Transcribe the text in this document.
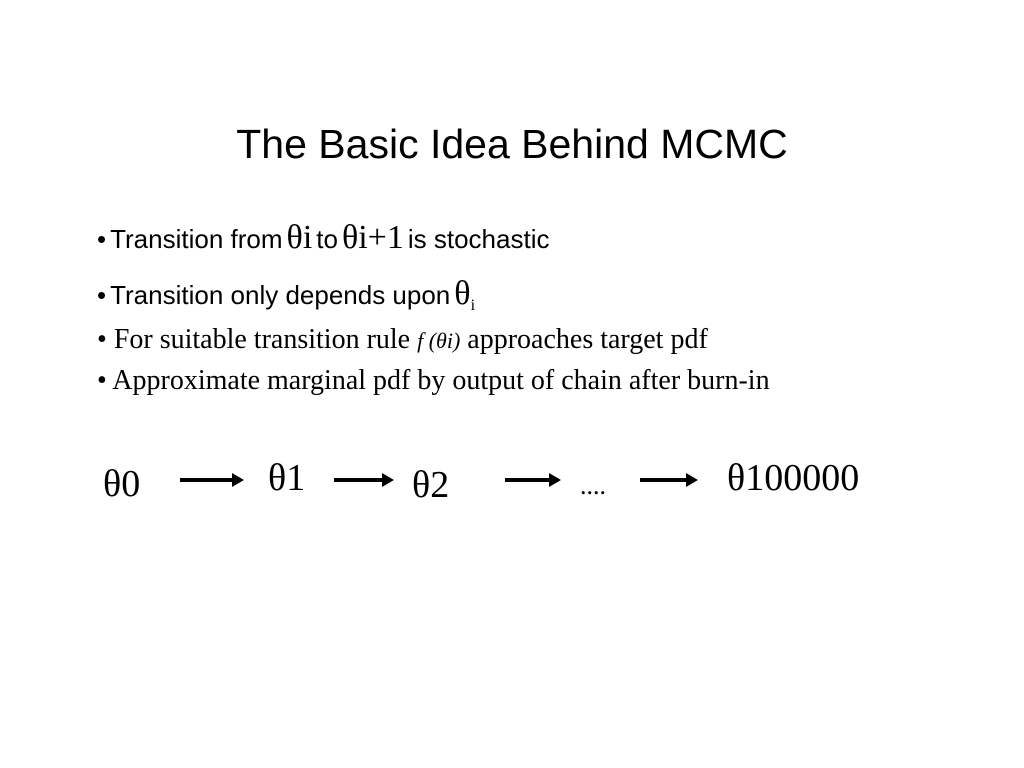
The Basic Idea Behind MCMC
• Transition from θi to θi+1 is stochastic
• Transition only depends upon θi
• For suitable transition rule f (θi) approaches target pdf
• Approximate marginal pdf by output of chain after burn-in
θ0	θ1	θ2	....	θ100000
